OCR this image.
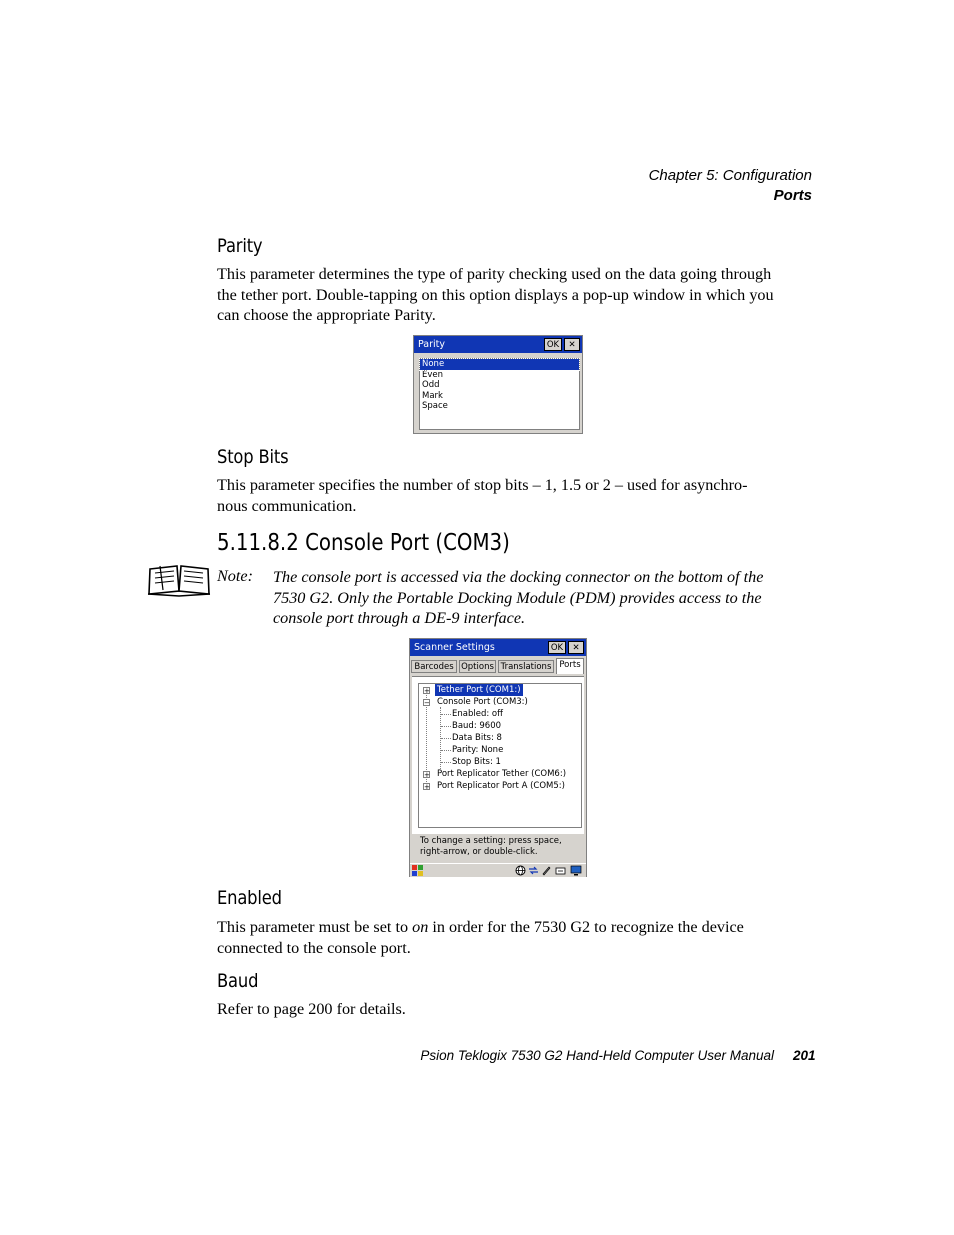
Chapter 5: Configuration
Ports
Parity
This parameter determines the type of parity checking used on the data going through the tether port. Double-tapping on this option displays a pop-up window in which you can choose the appropriate Parity.
Parity	OK	✕
None
Even
Odd
Mark
Space
Stop Bits
This parameter specifies the number of stop bits – 1, 1.5 or 2 – used for asynchro-nous communication.
5.11.8.2 Console Port (COM3)
Note: The console port is accessed via the docking connector on the bottom of the 7530 G2. Only the Portable Docking Module (PDM) provides access to the console port through a DE-9 interface.
Scanner Settings	OK	✕
Barcodes Options Translations Ports
+ Tether Port (COM1:)
− Console Port (COM3:)
Enabled: off
Baud: 9600
Data Bits: 8
Parity: None
Stop Bits: 1
+ Port Replicator Tether (COM6:)
+ Port Replicator Port A (COM5:)
To change a setting: press space, right-arrow, or double-click.
Enabled
This parameter must be set to on in order for the 7530 G2 to recognize the device connected to the console port.
Baud
Refer to page 200 for details.
Psion Teklogix 7530 G2 Hand-Held Computer User Manual 201
